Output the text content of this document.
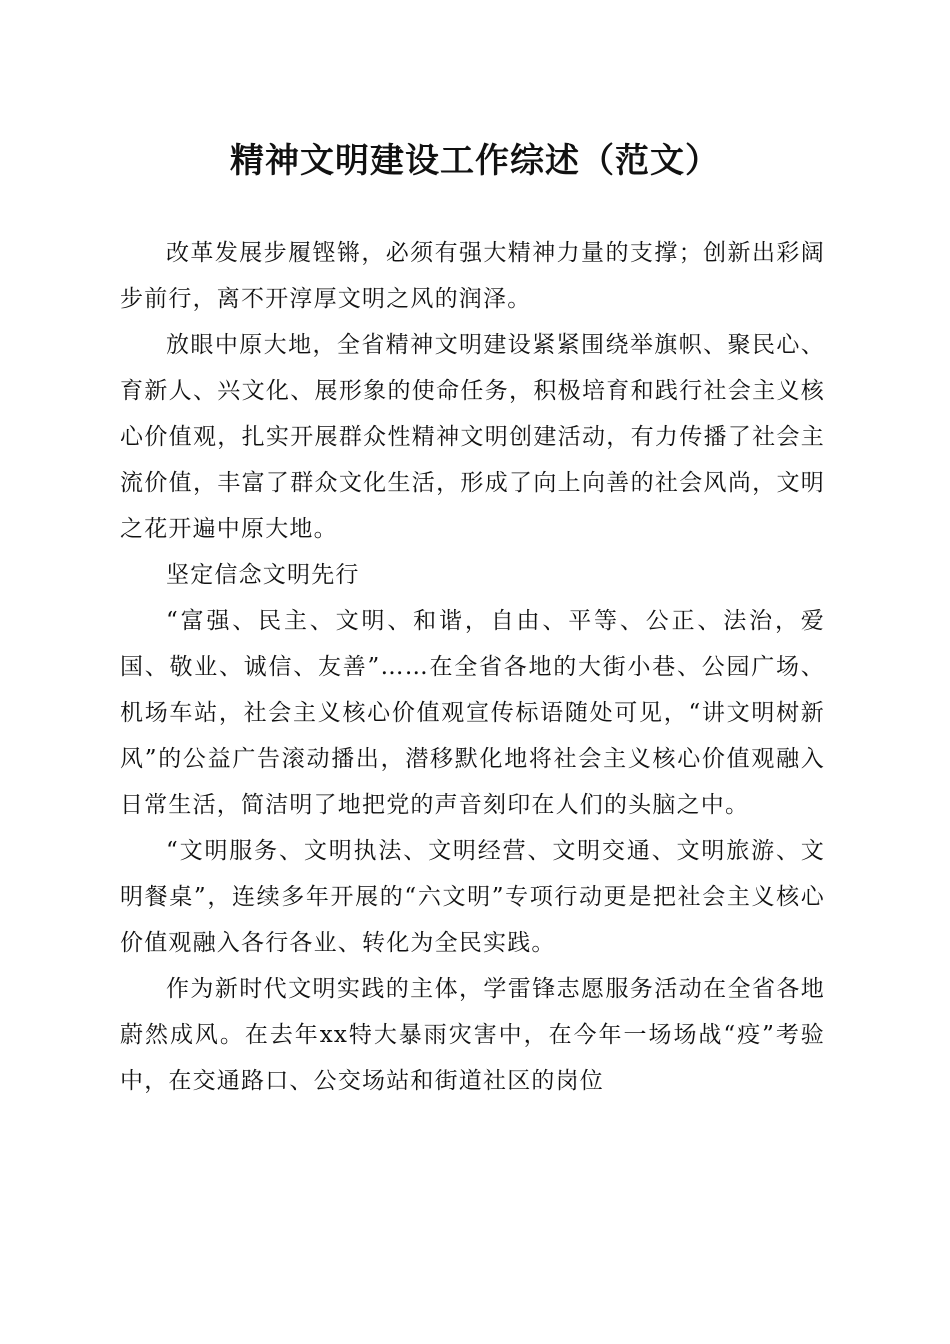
精神文明建设工作综述（范文）

改革发展步履铿锵，必须有强大精神力量的支撑；创新出彩阔步前行，离不开淳厚文明之风的润泽。

放眼中原大地，全省精神文明建设紧紧围绕举旗帜、聚民心、育新人、兴文化、展形象的使命任务，积极培育和践行社会主义核心价值观，扎实开展群众性精神文明创建活动，有力传播了社会主流价值，丰富了群众文化生活，形成了向上向善的社会风尚，文明之花开遍中原大地。

坚定信念文明先行

“富强、民主、文明、和谐，自由、平等、公正、法治，爱国、敬业、诚信、友善”……在全省各地的大街小巷、公园广场、机场车站，社会主义核心价值观宣传标语随处可见，“讲文明树新风”的公益广告滚动播出，潜移默化地将社会主义核心价值观融入日常生活，简洁明了地把党的声音刻印在人们的头脑之中。

“文明服务、文明执法、文明经营、文明交通、文明旅游、文明餐桌”，连续多年开展的“六文明”专项行动更是把社会主义核心价值观融入各行各业、转化为全民实践。

作为新时代文明实践的主体，学雷锋志愿服务活动在全省各地蔚然成风。在去年xx特大暴雨灾害中，在今年一场场战“疫”考验中，在交通路口、公交场站和街道社区的岗位
